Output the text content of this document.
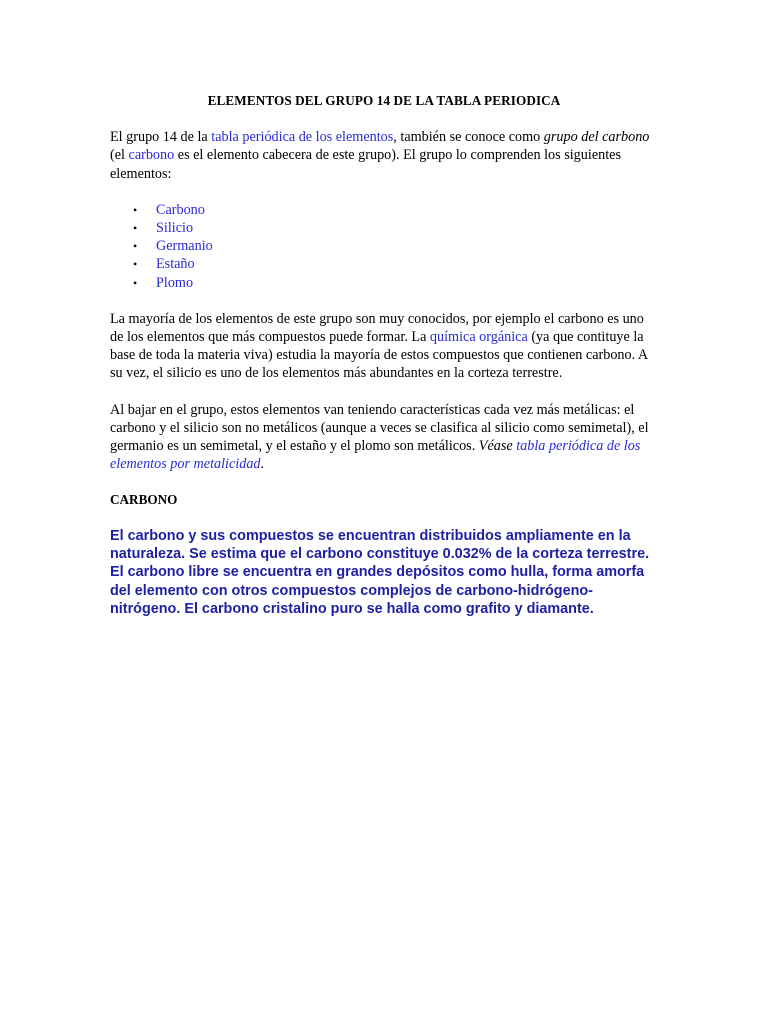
ELEMENTOS DEL GRUPO 14 DE LA TABLA PERIODICA

El grupo 14 de la tabla periódica de los elementos, también se conoce como grupo del carbono (el carbono es el elemento cabecera de este grupo). El grupo lo comprenden los siguientes elementos:

• Carbono
• Silicio
• Germanio
• Estaño
• Plomo

La mayoría de los elementos de este grupo son muy conocidos, por ejemplo el carbono es uno de los elementos que más compuestos puede formar. La química orgánica (ya que contituye la base de toda la materia viva) estudia la mayoría de estos compuestos que contienen carbono. A su vez, el silicio es uno de los elementos más abundantes en la corteza terrestre.

Al bajar en el grupo, estos elementos van teniendo características cada vez más metálicas: el carbono y el silicio son no metálicos (aunque a veces se clasifica al silicio como semimetal), el germanio es un semimetal, y el estaño y el plomo son metálicos. Véase tabla periódica de los elementos por metalicidad.

CARBONO

El carbono y sus compuestos se encuentran distribuidos ampliamente en la naturaleza. Se estima que el carbono constituye 0.032% de la corteza terrestre. El carbono libre se encuentra en grandes depósitos como hulla, forma amorfa del elemento con otros compuestos complejos de carbono-hidrógeno-nitrógeno. El carbono cristalino puro se halla como grafito y diamante.
